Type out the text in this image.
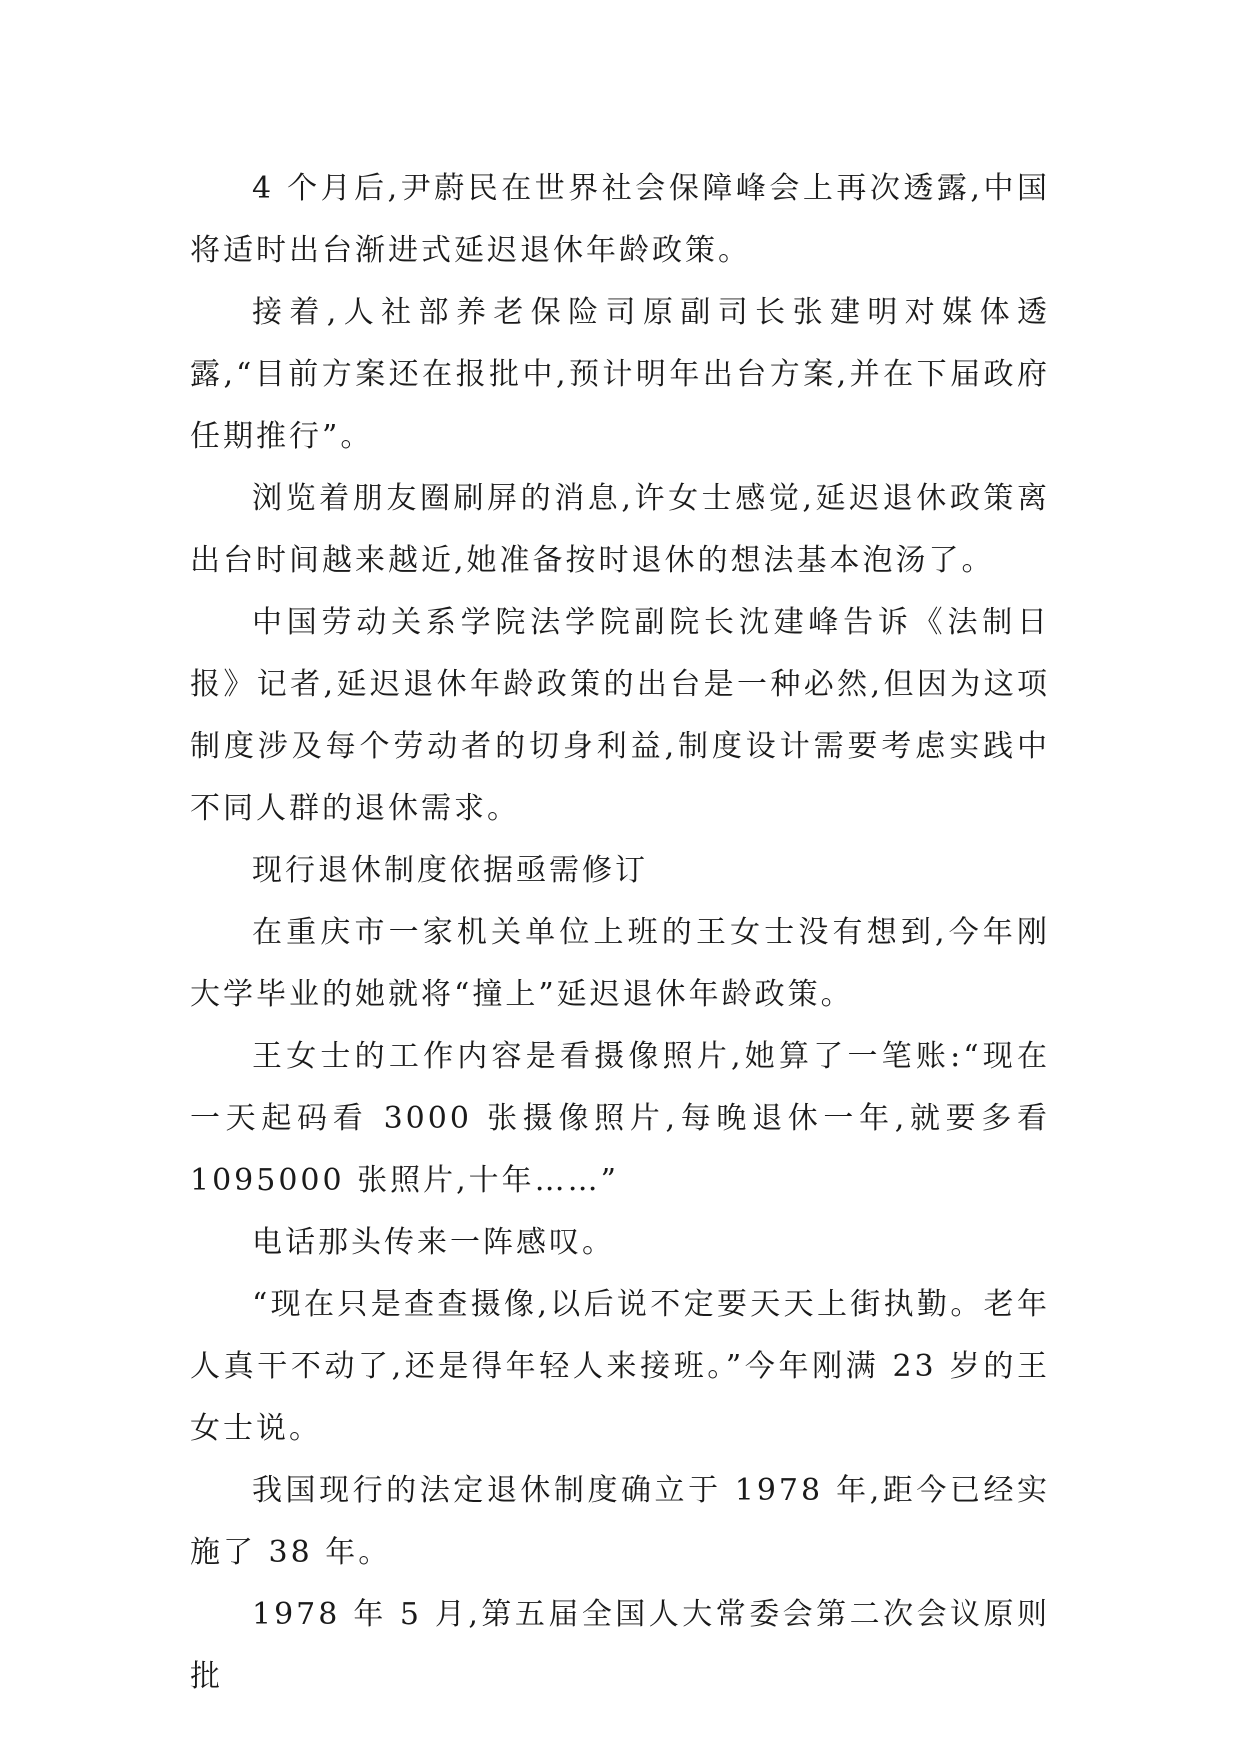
4 个月后,尹蔚民在世界社会保障峰会上再次透露,中国将适时出台渐进式延迟退休年龄政策。

接着,人社部养老保险司原副司长张建明对媒体透露,“目前方案还在报批中,预计明年出台方案,并在下届政府任期推行”。

浏览着朋友圈刷屏的消息,许女士感觉,延迟退休政策离出台时间越来越近,她准备按时退休的想法基本泡汤了。

中国劳动关系学院法学院副院长沈建峰告诉《法制日报》记者,延迟退休年龄政策的出台是一种必然,但因为这项制度涉及每个劳动者的切身利益,制度设计需要考虑实践中不同人群的退休需求。

现行退休制度依据亟需修订

在重庆市一家机关单位上班的王女士没有想到,今年刚大学毕业的她就将“撞上”延迟退休年龄政策。

王女士的工作内容是看摄像照片,她算了一笔账:“现在一天起码看 3000 张摄像照片,每晚退休一年,就要多看1095000 张照片,十年……”

电话那头传来一阵感叹。

“现在只是查查摄像,以后说不定要天天上街执勤。老年人真干不动了,还是得年轻人来接班。”今年刚满 23 岁的王女士说。

我国现行的法定退休制度确立于 1978 年,距今已经实施了 38 年。

1978 年 5 月,第五届全国人大常委会第二次会议原则批
